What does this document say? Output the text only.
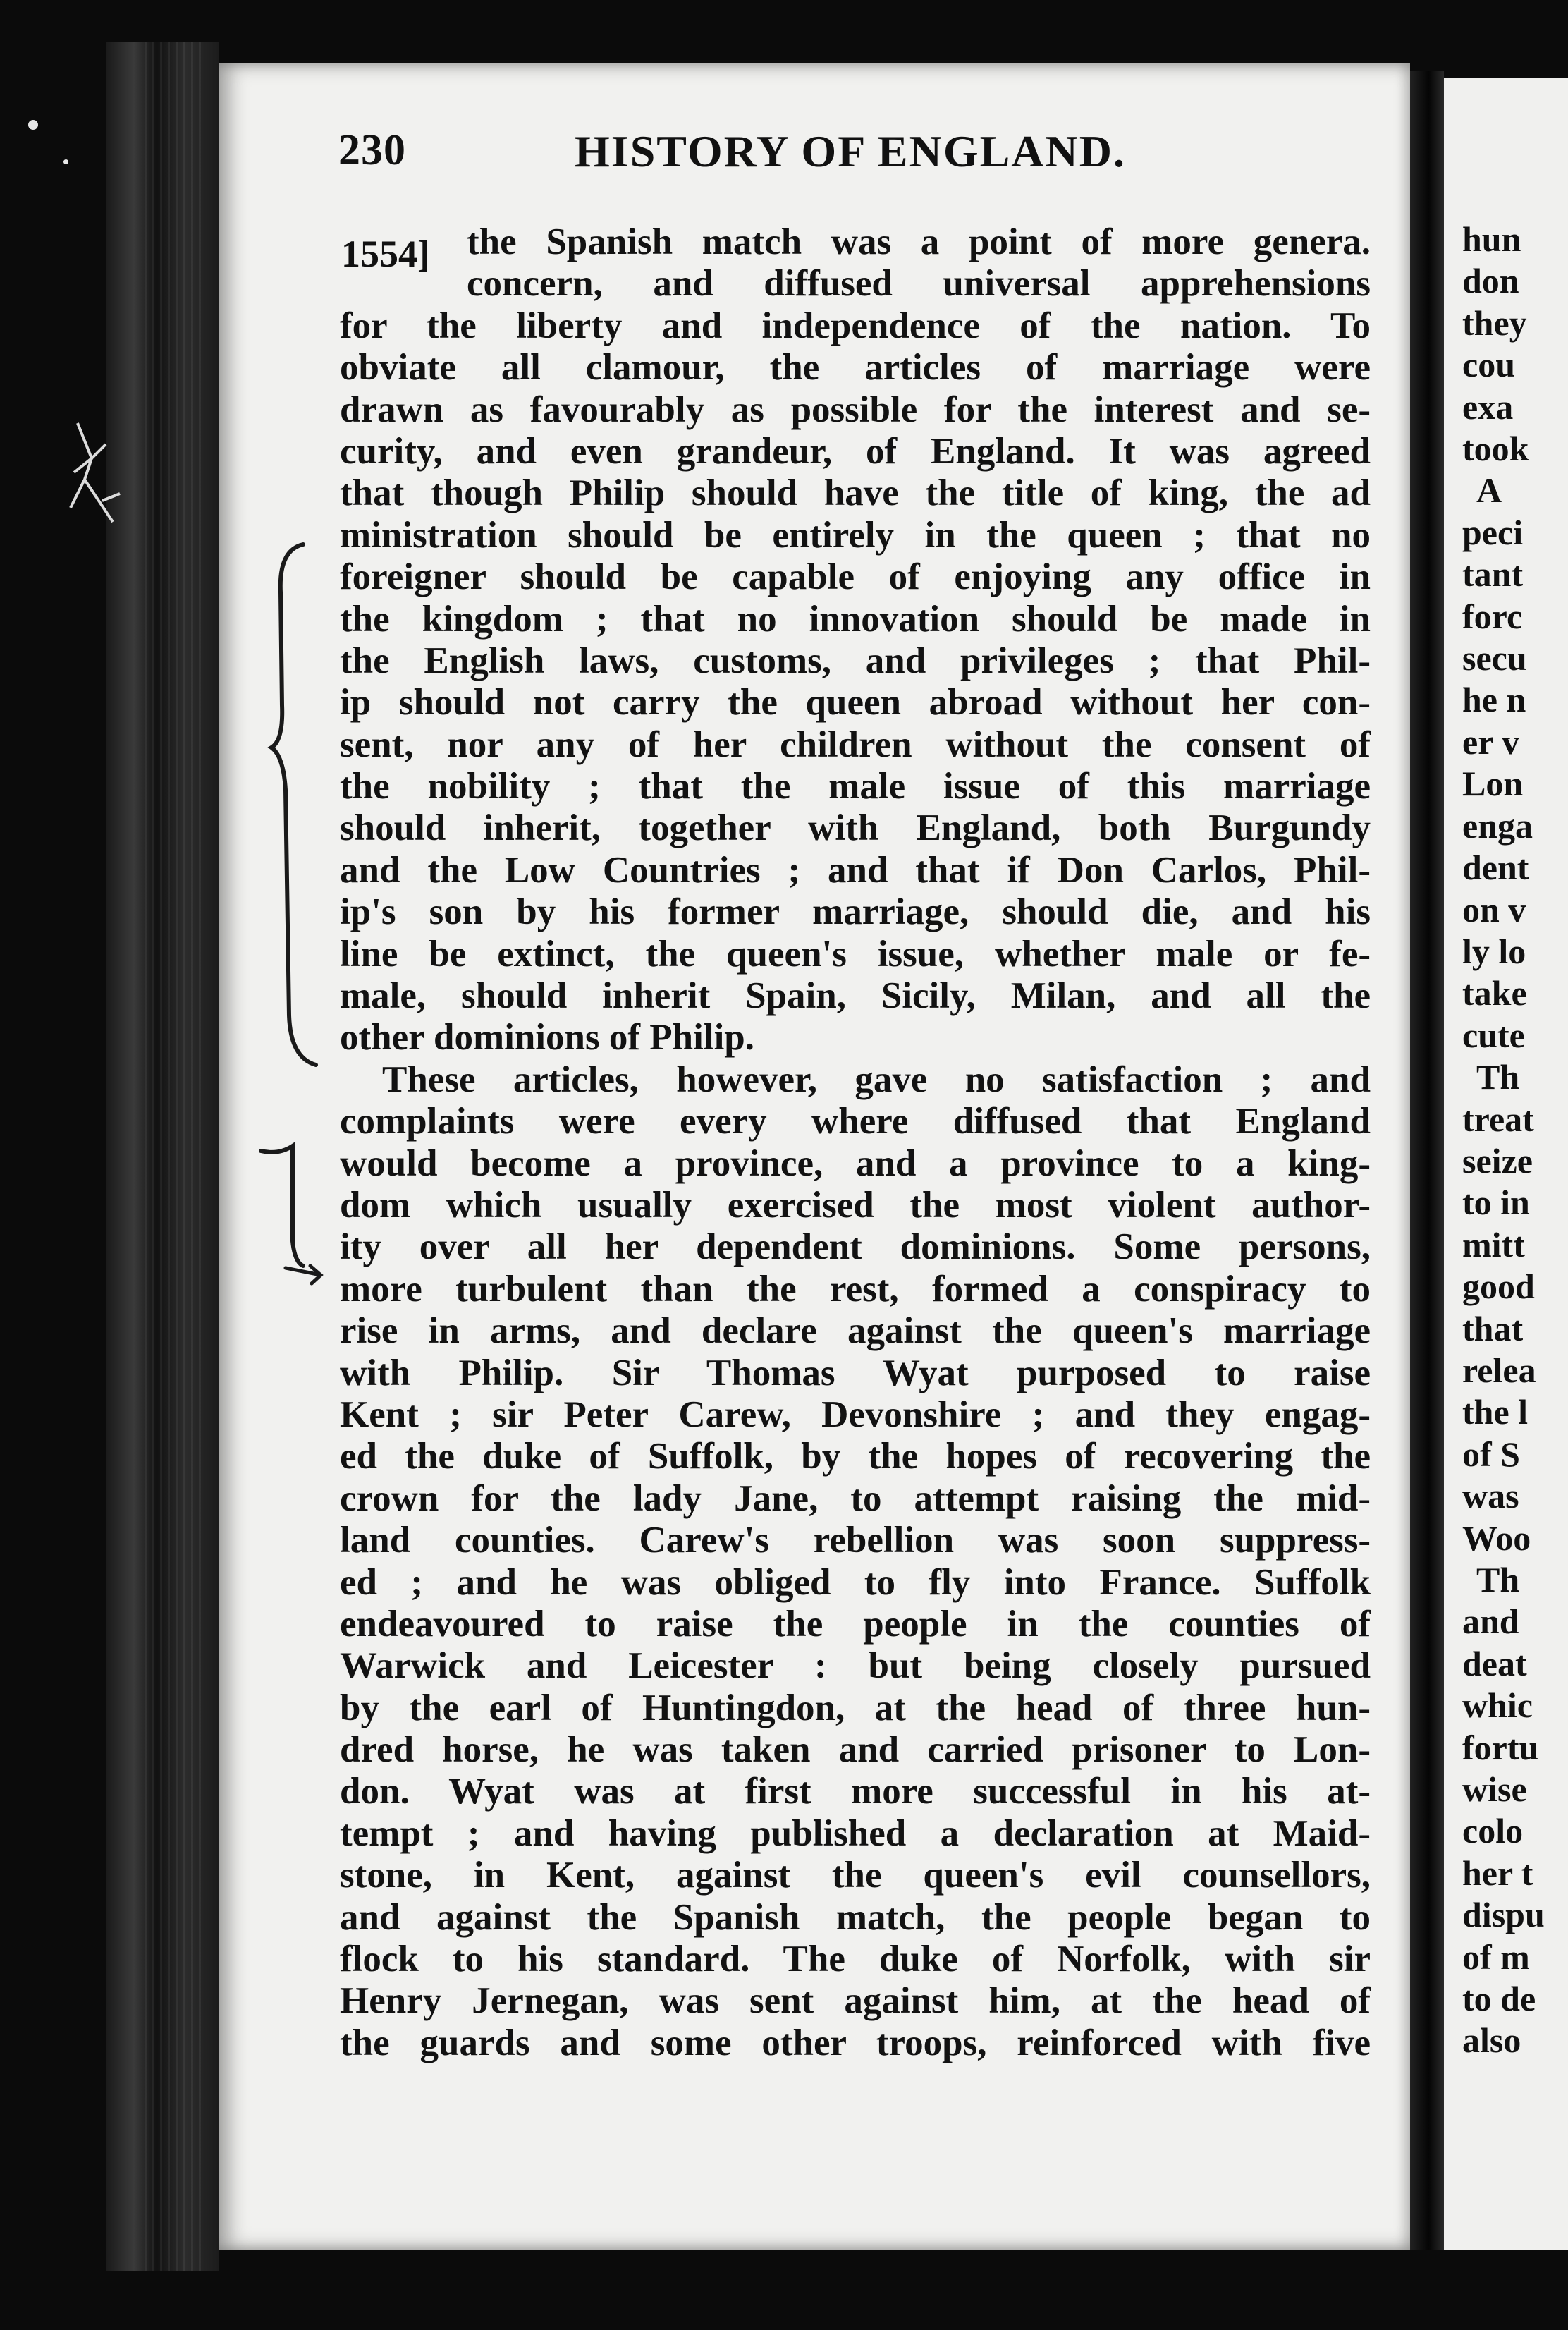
hun
don
they
cou
exa
took
A
peci
tant
forc
secu
he n
er v
Lon
enga
dent
on v
ly lo
take
cute
Th
treat
seize
to in
mitt
good
that
relea
the l
of S
was
Woo
Th
and
deat
whic
fortu
wise
colo
her t
dispu
of m
to de
also
230	HISTORY OF ENGLAND.
1554] the Spanish match was a point of more genera.
concern, and diffused universal apprehensions
for the liberty and independence of the nation. To
obviate all clamour, the articles of marriage were
drawn as favourably as possible for the interest and se-
curity, and even grandeur, of England. It was agreed
that though Philip should have the title of king, the ad
ministration should be entirely in the queen ; that no
foreigner should be capable of enjoying any office in
the kingdom ; that no innovation should be made in
the English laws, customs, and privileges ; that Phil-
ip should not carry the queen abroad without her con-
sent, nor any of her children without the consent of
the nobility ; that the male issue of this marriage
should inherit, together with England, both Burgundy
and the Low Countries ; and that if Don Carlos, Phil-
ip's son by his former marriage, should die, and his
line be extinct, the queen's issue, whether male or fe-
male, should inherit Spain, Sicily, Milan, and all the
other dominions of Philip.
These articles, however, gave no satisfaction ; and
complaints were every where diffused that England
would become a province, and a province to a king-
dom which usually exercised the most violent author-
ity over all her dependent dominions. Some persons,
more turbulent than the rest, formed a conspiracy to
rise in arms, and declare against the queen's marriage
with Philip. Sir Thomas Wyat purposed to raise
Kent ; sir Peter Carew, Devonshire ; and they engag-
ed the duke of Suffolk, by the hopes of recovering the
crown for the lady Jane, to attempt raising the mid-
land counties. Carew's rebellion was soon suppress-
ed ; and he was obliged to fly into France. Suffolk
endeavoured to raise the people in the counties of
Warwick and Leicester : but being closely pursued
by the earl of Huntingdon, at the head of three hun-
dred horse, he was taken and carried prisoner to Lon-
don. Wyat was at first more successful in his at-
tempt ; and having published a declaration at Maid-
stone, in Kent, against the queen's evil counsellors,
and against the Spanish match, the people began to
flock to his standard. The duke of Norfolk, with sir
Henry Jernegan, was sent against him, at the head of
the guards and some other troops, reinforced with five
